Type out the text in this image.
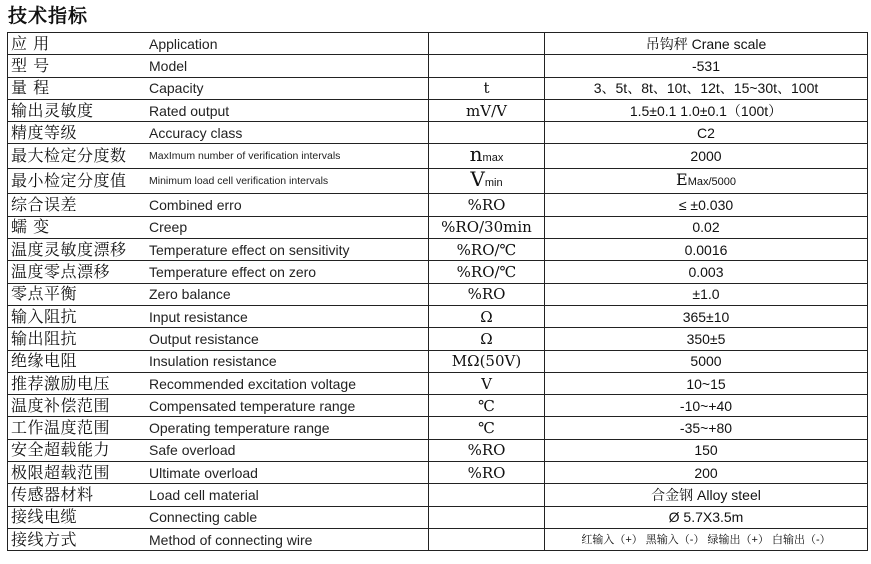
技术指标
应 用	Application		吊钩秤 Crane scale
型 号	Model		-531
量 程	Capacity	t	3、5t、8t、10t、12t、15~30t、100t
输出灵敏度	Rated output	mV/V	1.5±0.1 1.0±0.1（100t）
精度等级	Accuracy class		C2
最大检定分度数	MaxImum number of verification intervals	nmax	2000
最小检定分度值	Minimum load cell verification intervals	Vmin	EMax/5000
综合误差	Combined erro	%RO	≤ ±0.030
蠕 变	Creep	%RO/30min	0.02
温度灵敏度漂移	Temperature effect on sensitivity	%RO/℃	0.0016
温度零点漂移	Temperature effect on zero	%RO/℃	0.003
零点平衡	Zero balance	%RO	±1.0
输入阻抗	Input resistance	Ω	365±10
输出阻抗	Output resistance	Ω	350±5
绝缘电阻	Insulation resistance	MΩ(50V)	5000
推荐激励电压	Recommended excitation voltage	V	10~15
温度补偿范围	Compensated temperature range	℃	-10~+40
工作温度范围	Operating temperature range	℃	-35~+80
安全超载能力	Safe overload	%RO	150
极限超载范围	Ultimate overload	%RO	200
传感器材料	Load cell material		合金钢 Alloy steel
接线电缆	Connecting cable		Ø 5.7X3.5m
接线方式	Method of connecting wire		红输入（+） 黑输入（-） 绿输出（+） 白输出（-）
